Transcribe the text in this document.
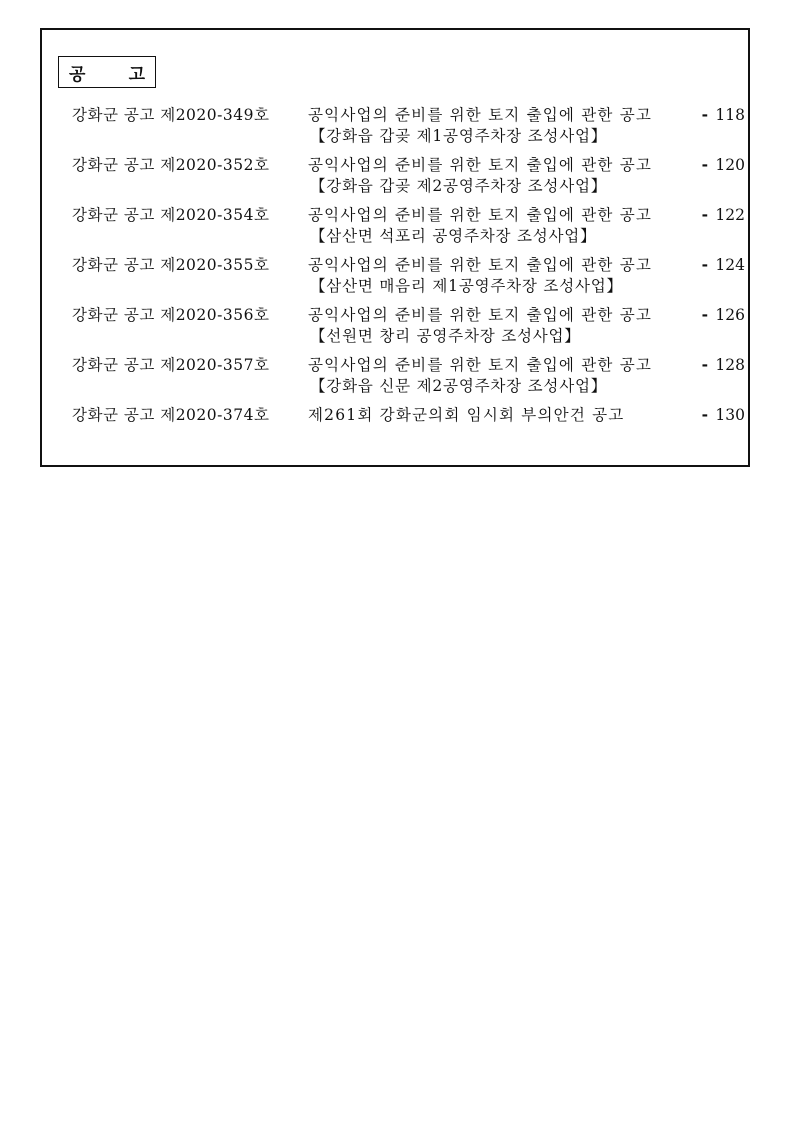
공	고
강화군 공고 제2020-349호 공익사업의 준비를 위한 토지 출입에 관한 공고
【강화읍 갑곶 제1공영주차장 조성사업】
- 118
강화군 공고 제2020-352호 공익사업의 준비를 위한 토지 출입에 관한 공고
【강화읍 갑곶 제2공영주차장 조성사업】
- 120
강화군 공고 제2020-354호 공익사업의 준비를 위한 토지 출입에 관한 공고
【삼산면 석포리 공영주차장 조성사업】
- 122
강화군 공고 제2020-355호 공익사업의 준비를 위한 토지 출입에 관한 공고
【삼산면 매음리 제1공영주차장 조성사업】
- 124
강화군 공고 제2020-356호 공익사업의 준비를 위한 토지 출입에 관한 공고
【선원면 창리 공영주차장 조성사업】
- 126
강화군 공고 제2020-357호 공익사업의 준비를 위한 토지 출입에 관한 공고
【강화읍 신문 제2공영주차장 조성사업】
- 128
강화군 공고 제2020-374호 제261회 강화군의회 임시회 부의안건 공고	- 130
